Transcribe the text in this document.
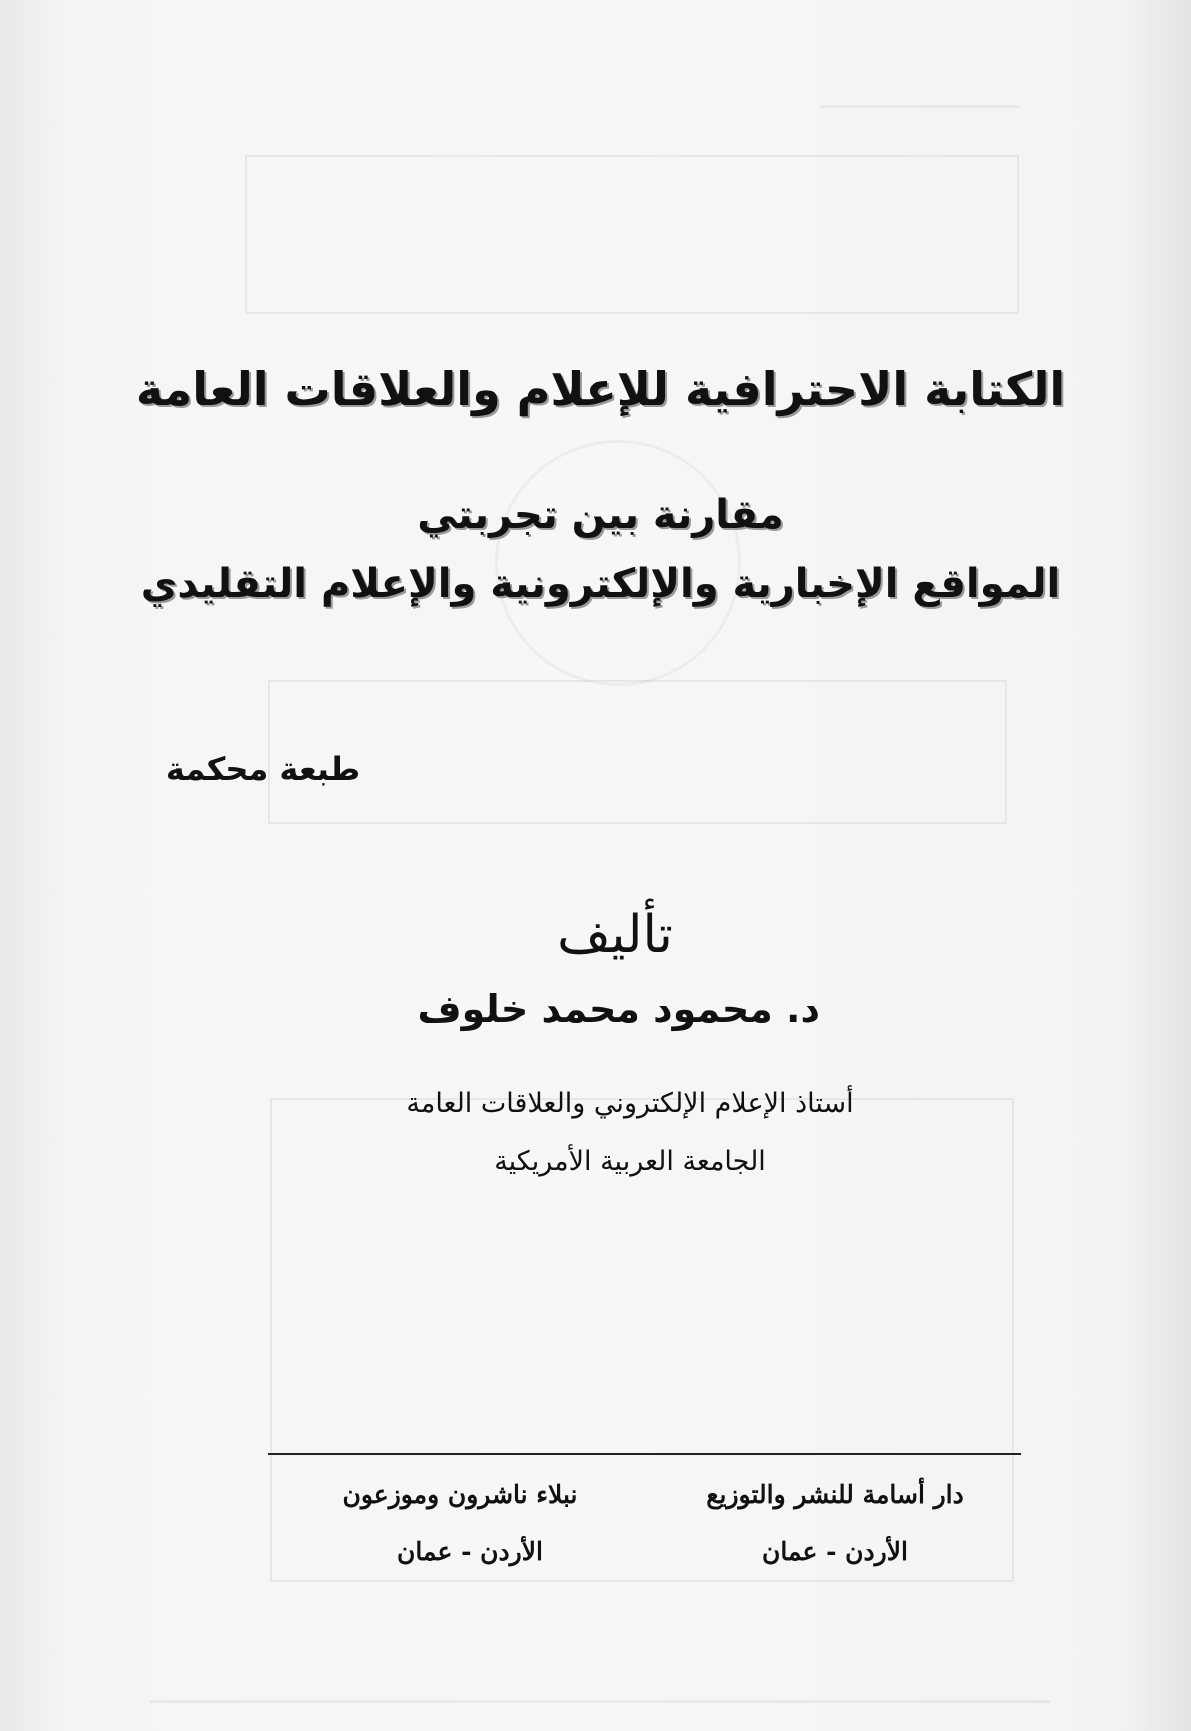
الكتابة الاحترافية للإعلام والعلاقات العامة
مقارنة بين تجربتي
المواقع الإخبارية والإلكترونية والإعلام التقليدي
طبعة محكمة
تأليف
د. محمود محمد خلوف
أستاذ الإعلام الإلكتروني والعلاقات العامة
الجامعة العربية الأمريكية
دار أسامة للنشر والتوزيع
الأردن - عمان
نبلاء ناشرون وموزعون
الأردن - عمان
